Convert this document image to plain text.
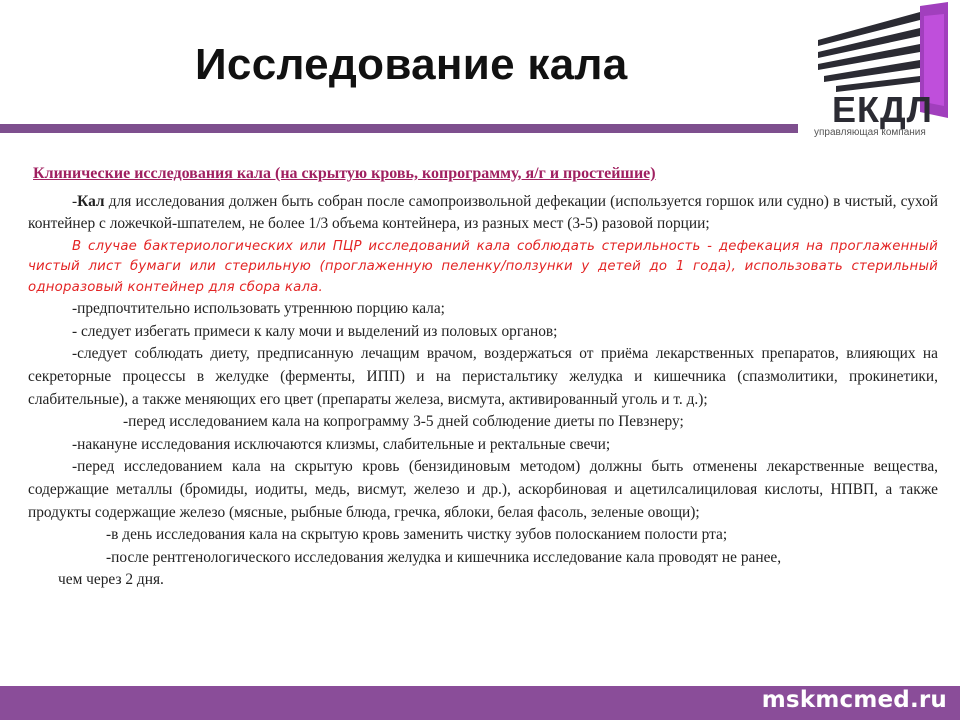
Исследование кала
ЕКДЛ
управляющая компания
Клинические исследования кала (на скрытую кровь, копрограмму, я/г и простейшие)

-Кал для исследования должен быть собран после самопроизвольной дефекации (используется горшок или судно) в чистый, сухой контейнер с ложечкой-шпателем, не более 1/3 объема контейнера, из разных мест (3-5) разовой порции;

В случае бактериологических или ПЦР исследований кала соблюдать стерильность - дефекация на проглаженный чистый лист бумаги или стерильную (проглаженную пеленку/ползунки у детей до 1 года), использовать стерильный одноразовый контейнер для сбора кала.

-предпочтительно использовать утреннюю порцию кала;

- следует избегать примеси к калу мочи и выделений из половых органов;

-следует соблюдать диету, предписанную лечащим врачом, воздержаться от приёма лекарственных препаратов, влияющих на секреторные процессы в желудке (ферменты, ИПП) и на перистальтику желудка и кишечника (спазмолитики, прокинетики, слабительные), а также меняющих его цвет (препараты железа, висмута, активированный уголь и т. д.);

-перед исследованием кала на копрограмму 3-5 дней соблюдение диеты по Певзнеру;

-накануне исследования исключаются клизмы, слабительные и ректальные свечи;

-перед исследованием кала на скрытую кровь (бензидиновым методом) должны быть отменены лекарственные вещества, содержащие металлы (бромиды, иодиты, медь, висмут, железо и др.), аскорбиновая и ацетилсалициловая кислоты, НПВП, а также продукты содержащие железо (мясные, рыбные блюда, гречка, яблоки, белая фасоль, зеленые овощи);

-в день исследования кала на скрытую кровь заменить чистку зубов полосканием полости рта;

-после рентгенологического исследования желудка и кишечника исследование кала проводят не ранее,

чем через 2 дня.

mskmcmed.ru
